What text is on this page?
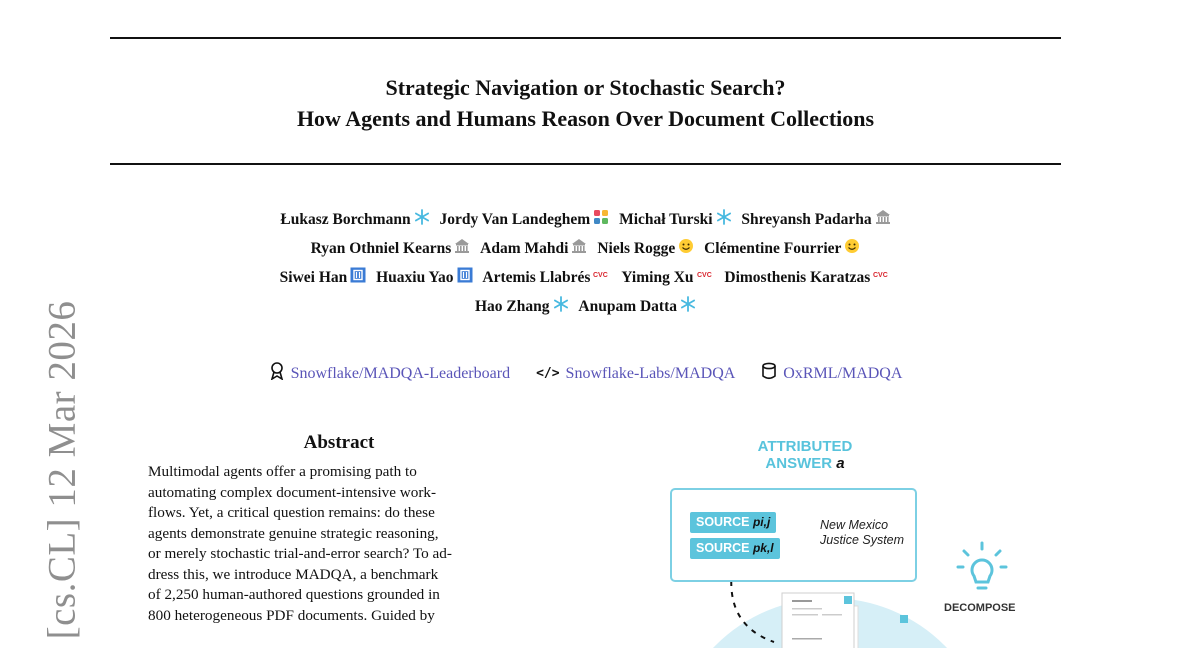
Strategic Navigation or Stochastic Search?
How Agents and Humans Reason Over Document Collections
Łukasz Borchmann Jordy Van Landeghem Michał Turski Shreyansh Padarha
Ryan Othniel Kearns Adam Mahdi Niels Rogge Clémentine Fourrier
Siwei Han Huaxiu Yao Artemis Llabrés CVC Yiming Xu CVC Dimosthenis Karatzas CVC
Hao Zhang Anupam Datta
Snowflake/MADQA-Leaderboard </> Snowflake-Labs/MADQA	OxRML/MADQA
[cs.CL] 12 Mar 2026	Abstract
Multimodal agents offer a promising path to
automating complex document-intensive work-
flows. Yet, a critical question remains: do these
agents demonstrate genuine strategic reasoning,
or merely stochastic trial-and-error search? To ad-
dress this, we introduce MADQA, a benchmark
of 2,250 human-authored questions grounded in
800 heterogeneous PDF documents. Guided by
ATTRIBUTED
ANSWER a
SOURCE pi,j
SOURCE pk,l
New Mexico
Justice System
DECOMPOSE
